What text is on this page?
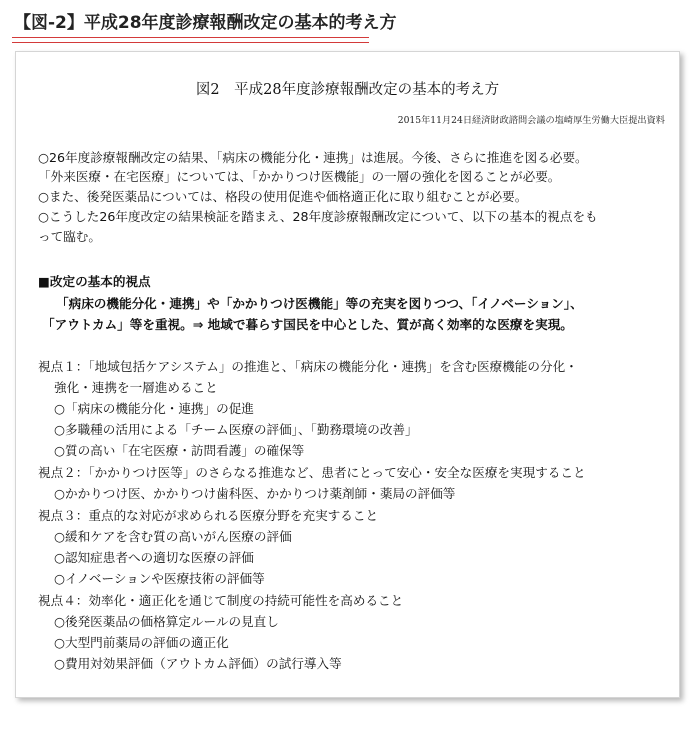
【図-2】平成28年度診療報酬改定の基本的考え方
図2　平成28年度診療報酬改定の基本的考え方
2015年11月24日経済財政諮問会議の塩崎厚生労働大臣提出資料
○26年度診療報酬改定の結果、「病床の機能分化・連携」は進展。今後、さらに推進を図る必要。
「外来医療・在宅医療」については、「かかりつけ医機能」の一層の強化を図ることが必要。
○また、後発医薬品については、格段の使用促進や価格適正化に取り組むことが必要。
○こうした26年度改定の結果検証を踏まえ、28年度診療報酬改定について、以下の基本的視点をも
って臨む。
■改定の基本的視点
「病床の機能分化・連携」や「かかりつけ医機能」等の充実を図りつつ、「イノベーション」、
「アウトカム」等を重視。⇒ 地域で暮らす国民を中心とした、質が高く効率的な医療を実現。
視点１：「地域包括ケアシステム」の推進と、「病床の機能分化・連携」を含む医療機能の分化・
強化・連携を一層進めること
○「病床の機能分化・連携」の促進
○多職種の活用による「チーム医療の評価」、「勤務環境の改善」
○質の高い「在宅医療・訪問看護」の確保等
視点２：「かかりつけ医等」のさらなる推進など、患者にとって安心・安全な医療を実現すること
○かかりつけ医、かかりつけ歯科医、かかりつけ薬剤師・薬局の評価等
視点３：重点的な対応が求められる医療分野を充実すること
○緩和ケアを含む質の高いがん医療の評価
○認知症患者への適切な医療の評価
○イノベーションや医療技術の評価等
視点４：効率化・適正化を通じて制度の持続可能性を高めること
○後発医薬品の価格算定ルールの見直し
○大型門前薬局の評価の適正化
○費用対効果評価（アウトカム評価）の試行導入等
